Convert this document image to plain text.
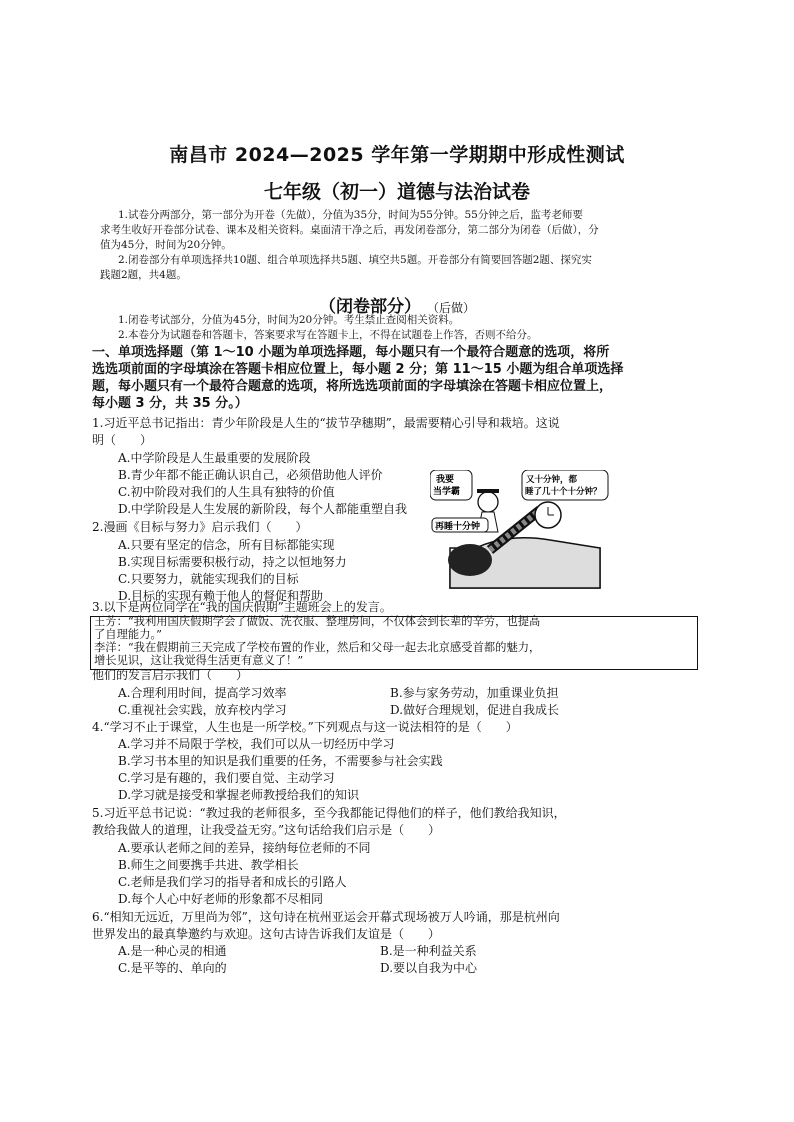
南昌市 2024—2025 学年第一学期期中形成性测试
七年级（初一）道德与法治试卷
1.试卷分两部分，第一部分为开卷（先做），分值为35分，时间为55分钟。55分钟之后，监考老师要
求考生收好开卷部分试卷、课本及相关资料。桌面清干净之后，再发闭卷部分，第二部分为闭卷（后做），分
值为45分，时间为20分钟。
2.闭卷部分有单项选择共10题、组合单项选择共5题、填空共5题。开卷部分有简要回答题2题、探究实
践题2题，共4题。
（闭卷部分） （后做）
1.闭卷考试部分，分值为45分，时间为20分钟。考生禁止查阅相关资料。
2.本卷分为试题卷和答题卡，答案要求写在答题卡上，不得在试题卷上作答，否则不给分。
一、单项选择题（第 1～10 小题为单项选择题，每小题只有一个最符合题意的选项，将所
选选项前面的字母填涂在答题卡相应位置上，每小题 2 分；第 11～15 小题为组合单项选择
题，每小题只有一个最符合题意的选项，将所选选项前面的字母填涂在答题卡相应位置上，
每小题 3 分，共 35 分。）
1.习近平总书记指出：青少年阶段是人生的“拔节孕穗期”，最需要精心引导和栽培。这说
明（　　）
A.中学阶段是人生最重要的发展阶段
B.青少年都不能正确认识自己，必须借助他人评价
C.初中阶段对我们的人生具有独特的价值
D.中学阶段是人生发展的新阶段，每个人都能重塑自我
2.漫画《目标与努力》启示我们（　　）
A.只要有坚定的信念，所有目标都能实现
B.实现目标需要积极行动，持之以恒地努力
C.只要努力，就能实现我们的目标
D.目标的实现有赖于他人的督促和帮助
我要
当学霸
又十分钟，都
睡了几十个十分钟？
再睡十分钟
3.以下是两位同学在“我的国庆假期”主题班会上的发言。
他们的发言启示我们（　　）
A.合理利用时间，提高学习效率	B.参与家务劳动，加重课业负担
C.重视社会实践，放弃校内学习	D.做好合理规划，促进自我成长
4.“学习不止于课堂，人生也是一所学校。”下列观点与这一说法相符的是（　　）
A.学习并不局限于学校，我们可以从一切经历中学习
B.学习书本里的知识是我们重要的任务，不需要参与社会实践
C.学习是有趣的，我们要自觉、主动学习
D.学习就是接受和掌握老师教授给我们的知识
5.习近平总书记说：“教过我的老师很多，至今我都能记得他们的样子，他们教给我知识，
教给我做人的道理，让我受益无穷。”这句话给我们启示是（　　）
A.要承认老师之间的差异，接纳每位老师的不同
B.师生之间要携手共进、教学相长
C.老师是我们学习的指导者和成长的引路人
D.每个人心中好老师的形象都不尽相同
6.“相知无远近，万里尚为邻”，这句诗在杭州亚运会开幕式现场被万人吟诵，那是杭州向
世界发出的最真挚邀约与欢迎。这句古诗告诉我们友谊是（　　）
A.是一种心灵的相通	B.是一种利益关系
C.是平等的、单向的	D.要以自我为中心
王芳：“我利用国庆假期学会了做饭、洗衣服、整理房间，不仅体会到长辈的辛劳，也提高
了自理能力。”
李洋：“我在假期前三天完成了学校布置的作业，然后和父母一起去北京感受首都的魅力，
增长见识，这让我觉得生活更有意义了！”
